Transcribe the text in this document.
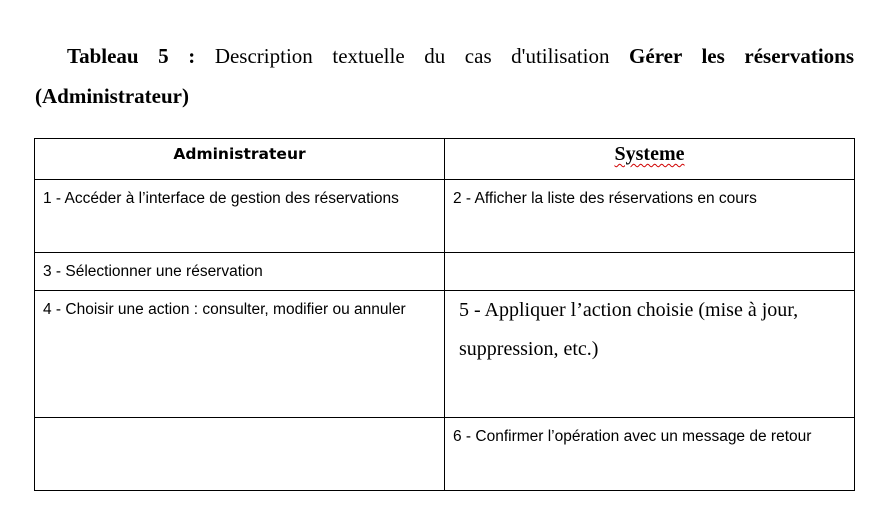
Tableau 5 : Description textuelle du cas d'utilisation Gérer les réservations
(Administrateur)
Administrateur	Systeme
1 - Accéder à l’interface de gestion des réservations	2 - Afficher la liste des réservations en cours
3 - Sélectionner une réservation	
4 - Choisir une action : consulter, modifier ou annuler	5 - Appliquer l’action choisie (mise à jour, suppression, etc.)
	6 - Confirmer l’opération avec un message de retour
